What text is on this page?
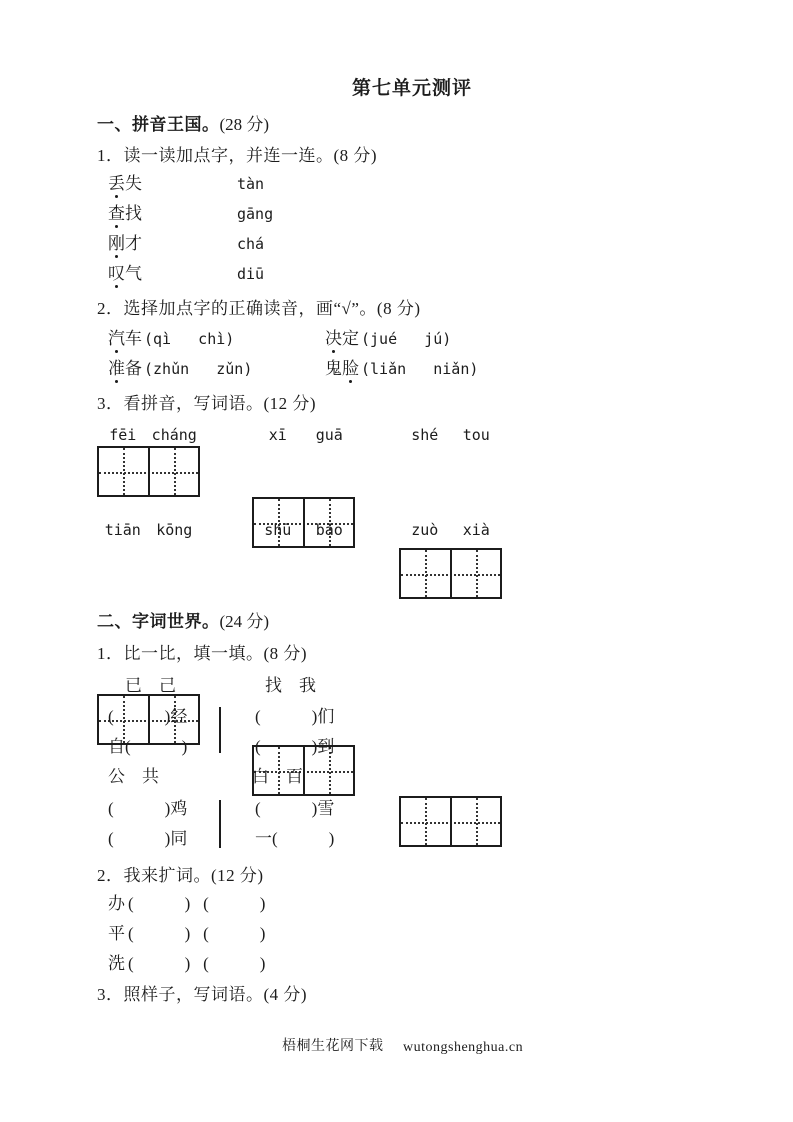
第七单元测评
一、拼音王国。(28 分)
1．读一读加点字，并连一连。(8 分)
丢失	tàn
查找	gāng
刚才	chá
叹气	diū
2．选择加点字的正确读音，画“√”。(8 分)
汽车 (qì   chì)	决定 (jué   jú)
准备 (zhǔn   zǔn)	鬼脸 (liǎn   niǎn)
3．看拼音，写词语。(12 分)
fēi	cháng	xī	guā	shé	tou
tiān	kōng	shū	bāo	zuò	xià
二、字词世界。(24 分)
1．比一比，填一填。(8 分)
已　己	找　我
(            )经	(            )们
自(            )	(            )到
公　共	白　百
(            )鸡	(            )雪
(            )同	一(            )
2．我来扩词。(12 分)
办 (            )   (            )
平 (            )   (            )
洗 (            )   (            )
3．照样子，写词语。(4 分)
梧桐生花网下载 wutongshenghua.cn
